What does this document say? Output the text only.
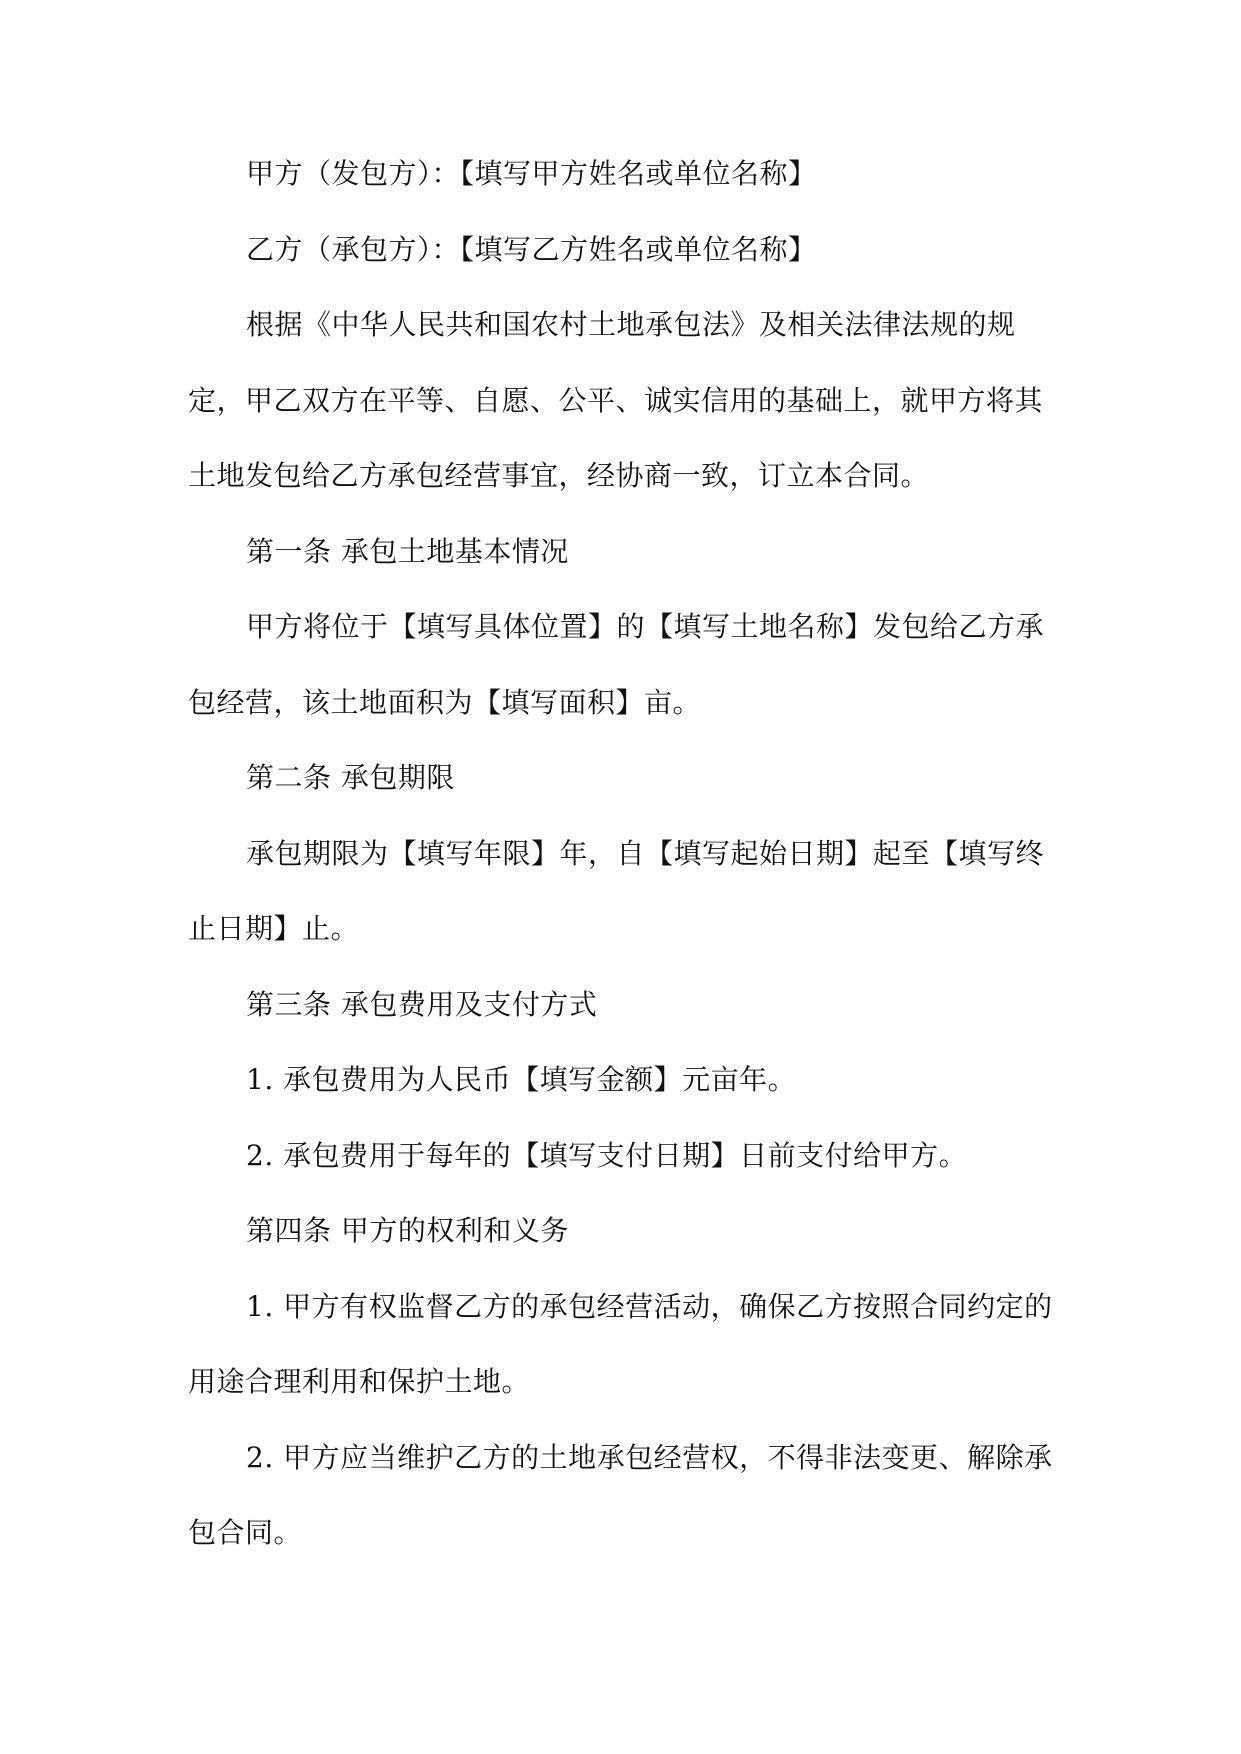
甲方（发包方）：【填写甲方姓名或单位名称】

乙方（承包方）：【填写乙方姓名或单位名称】

根据《中华人民共和国农村土地承包法》及相关法律法规的规定，甲乙双方在平等、自愿、公平、诚实信用的基础上，就甲方将其土地发包给乙方承包经营事宜，经协商一致，订立本合同。

第一条 承包土地基本情况

甲方将位于【填写具体位置】的【填写土地名称】发包给乙方承包经营，该土地面积为【填写面积】亩。

第二条 承包期限

承包期限为【填写年限】年，自【填写起始日期】起至【填写终止日期】止。

第三条 承包费用及支付方式

1. 承包费用为人民币【填写金额】元亩年。

2. 承包费用于每年的【填写支付日期】日前支付给甲方。

第四条 甲方的权利和义务

1. 甲方有权监督乙方的承包经营活动，确保乙方按照合同约定的用途合理利用和保护土地。

2. 甲方应当维护乙方的土地承包经营权，不得非法变更、解除承包合同。
